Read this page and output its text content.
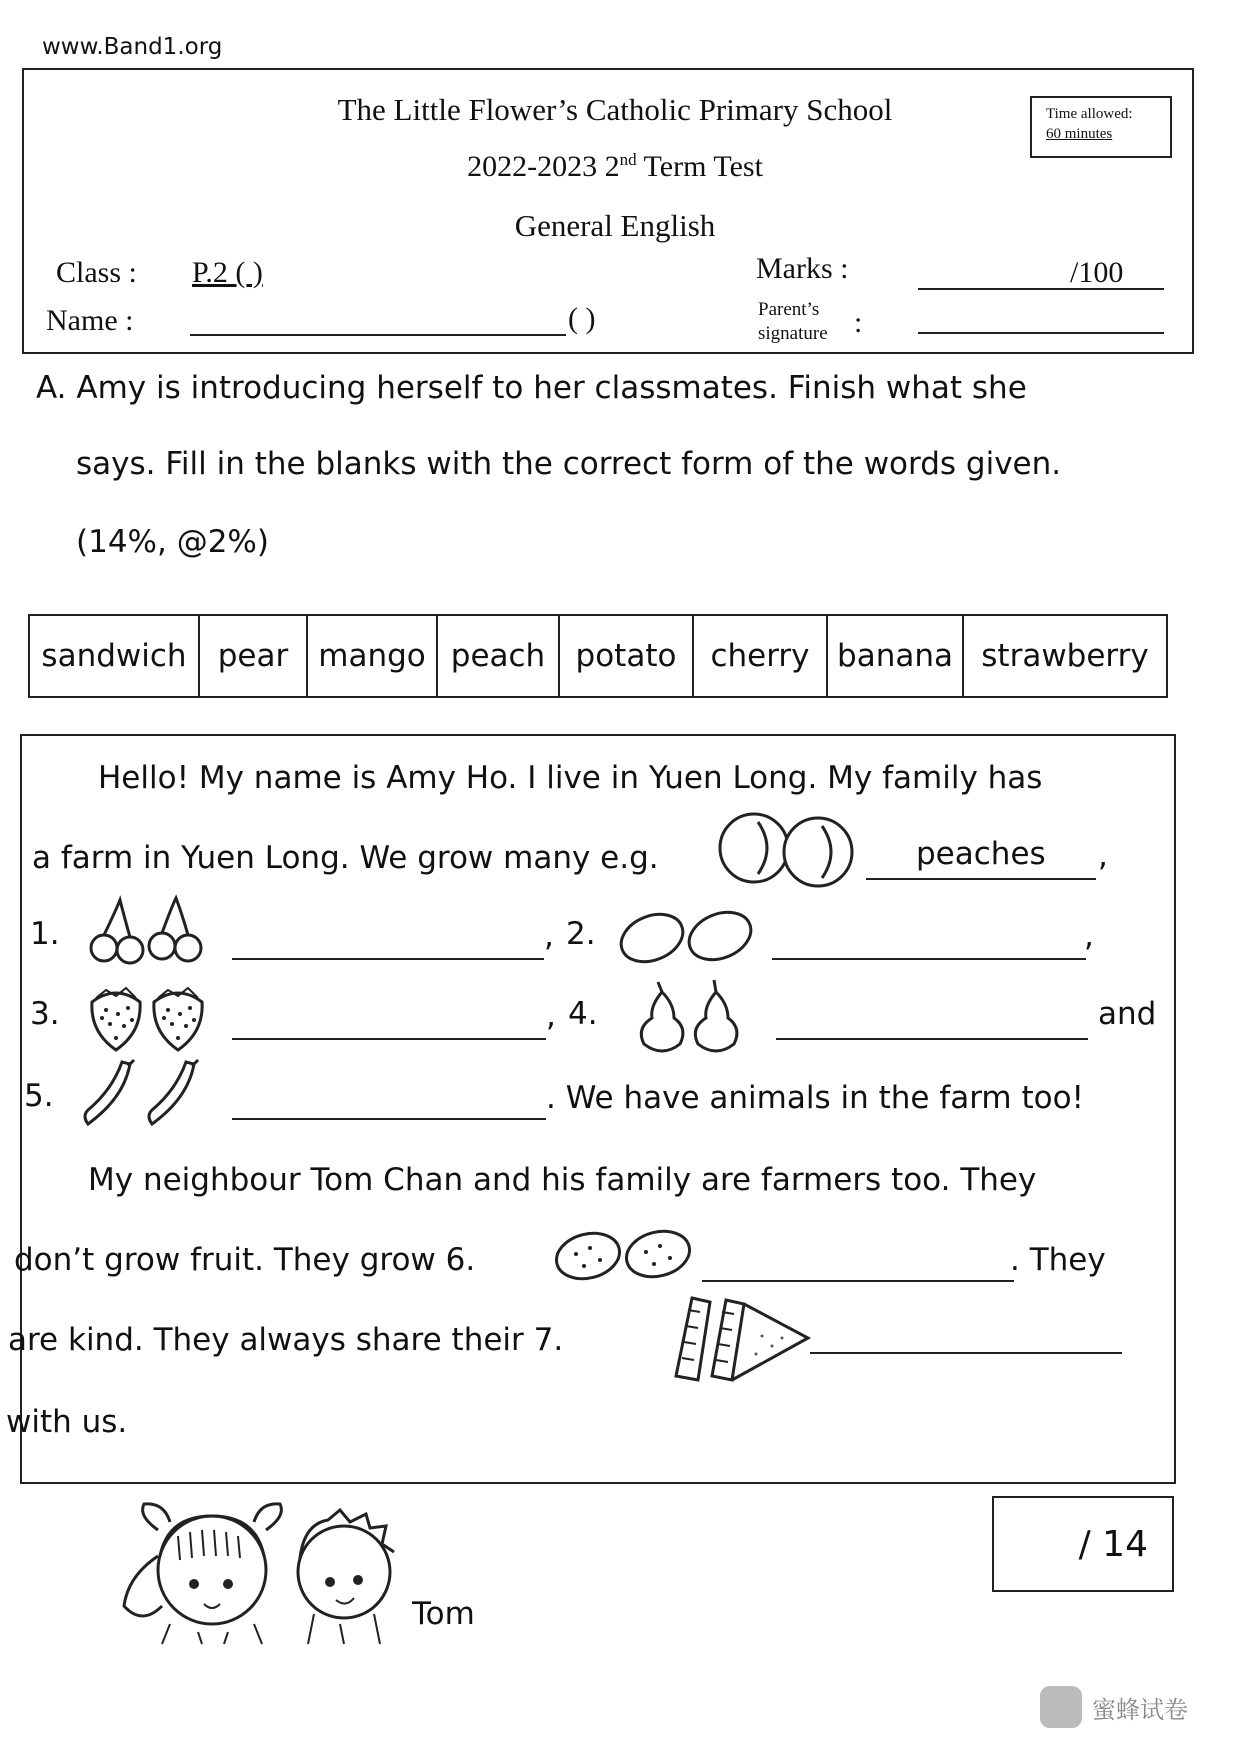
www.Band1.org
The Little Flower’s Catholic Primary School
2022-2023 2nd Term Test
General English
Time allowed:
60 minutes
Class : P.2 ( )
Name :	( )
Marks :	/100
Parent’s
signature :
A. Amy is introducing herself to her classmates. Finish what she
says. Fill in the blanks with the correct form of the words given.
(14%, @2%)
sandwich	pear mango peach potato	cherry banana strawberry
Hello! My name is Amy Ho. I live in Yuen Long. My family has
a farm in Yuen Long. We grow many e.g.	peaches ,
1.	, 2.	,
3.	, 4.	and
5.	. We have animals in the farm too!
My neighbour Tom Chan and his family are farmers too. They
don’t grow fruit. They grow 6.	. They
are kind. They always share their 7.
with us.
Tom
/ 14
蜜蜂试卷
